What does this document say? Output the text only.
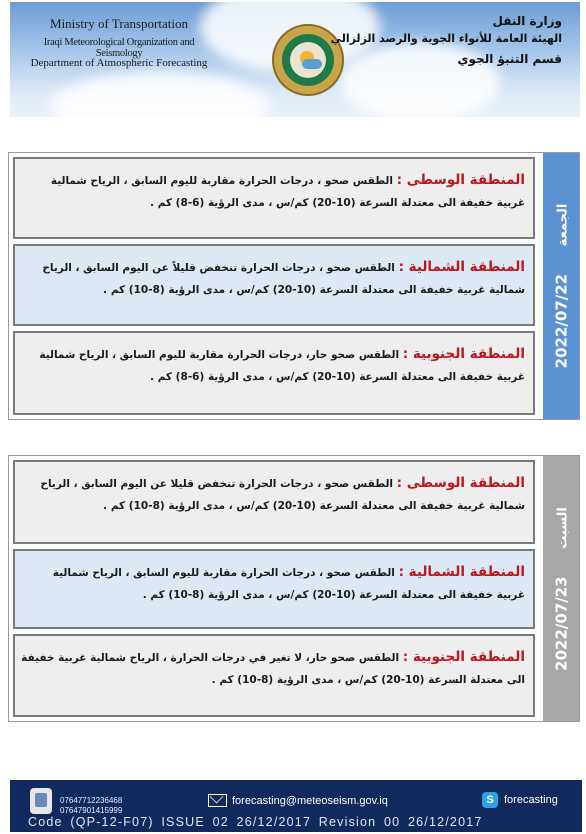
Ministry of Transportation
Iraqi Meteorological Organization and Seismology
Department of Atmospheric Forecasting
وزارة النقل
الهيئة العامة للأنواء الجوية والرصد الزلزالي
قسم التنبؤ الجوي
المنطقة الوسطى : الطقس صحو ، درجات الحرارة مقاربة لليوم السابق ، الرياح شمالية غربية خفيفة الى معتدلة السرعة (10-20) كم/س ، مدى الرؤية (6-8) كم .
المنطقة الشمالية : الطقس صحو ، درجات الحرارة تنخفض قليلاً عن اليوم السابق ، الرياح شمالية غربية خفيفة الى معتدلة السرعة (10-20) كم/س ، مدى الرؤية (8-10) كم .
المنطقة الجنوبية : الطقس صحو حار، درجات الحرارة مقاربة لليوم السابق ، الرياح شمالية غربية خفيفة الى معتدلة السرعة (10-20) كم/س ، مدى الرؤية (6-8) كم .
2022/07/22 الجمعة
المنطقة الوسطى : الطقس صحو ، درجات الحرارة تنخفض قليلا عن اليوم السابق ، الرياح شمالية غربية خفيفة الى معتدلة السرعة (10-20) كم/س ، مدى الرؤية (8-10) كم .
المنطقة الشمالية : الطقس صحو ، درجات الحرارة مقاربة لليوم السابق ، الرياح شمالية غربية خفيفة الى معتدلة السرعة (10-20) كم/س ، مدى الرؤية (8-10) كم .
المنطقة الجنوبية : الطقس صحو حار، لا تغير في درجات الحرارة ، الرياح شمالية غربية خفيفة الى معتدلة السرعة (10-20) كم/س ، مدى الرؤية (8-10) كم .
2022/07/23 السبت
07647712236468
07647901415999
forecasting@meteoseism.gov.iq	S forecasting
Code (QP-12-F07) ISSUE 02 26/12/2017 Revision 00 26/12/2017
